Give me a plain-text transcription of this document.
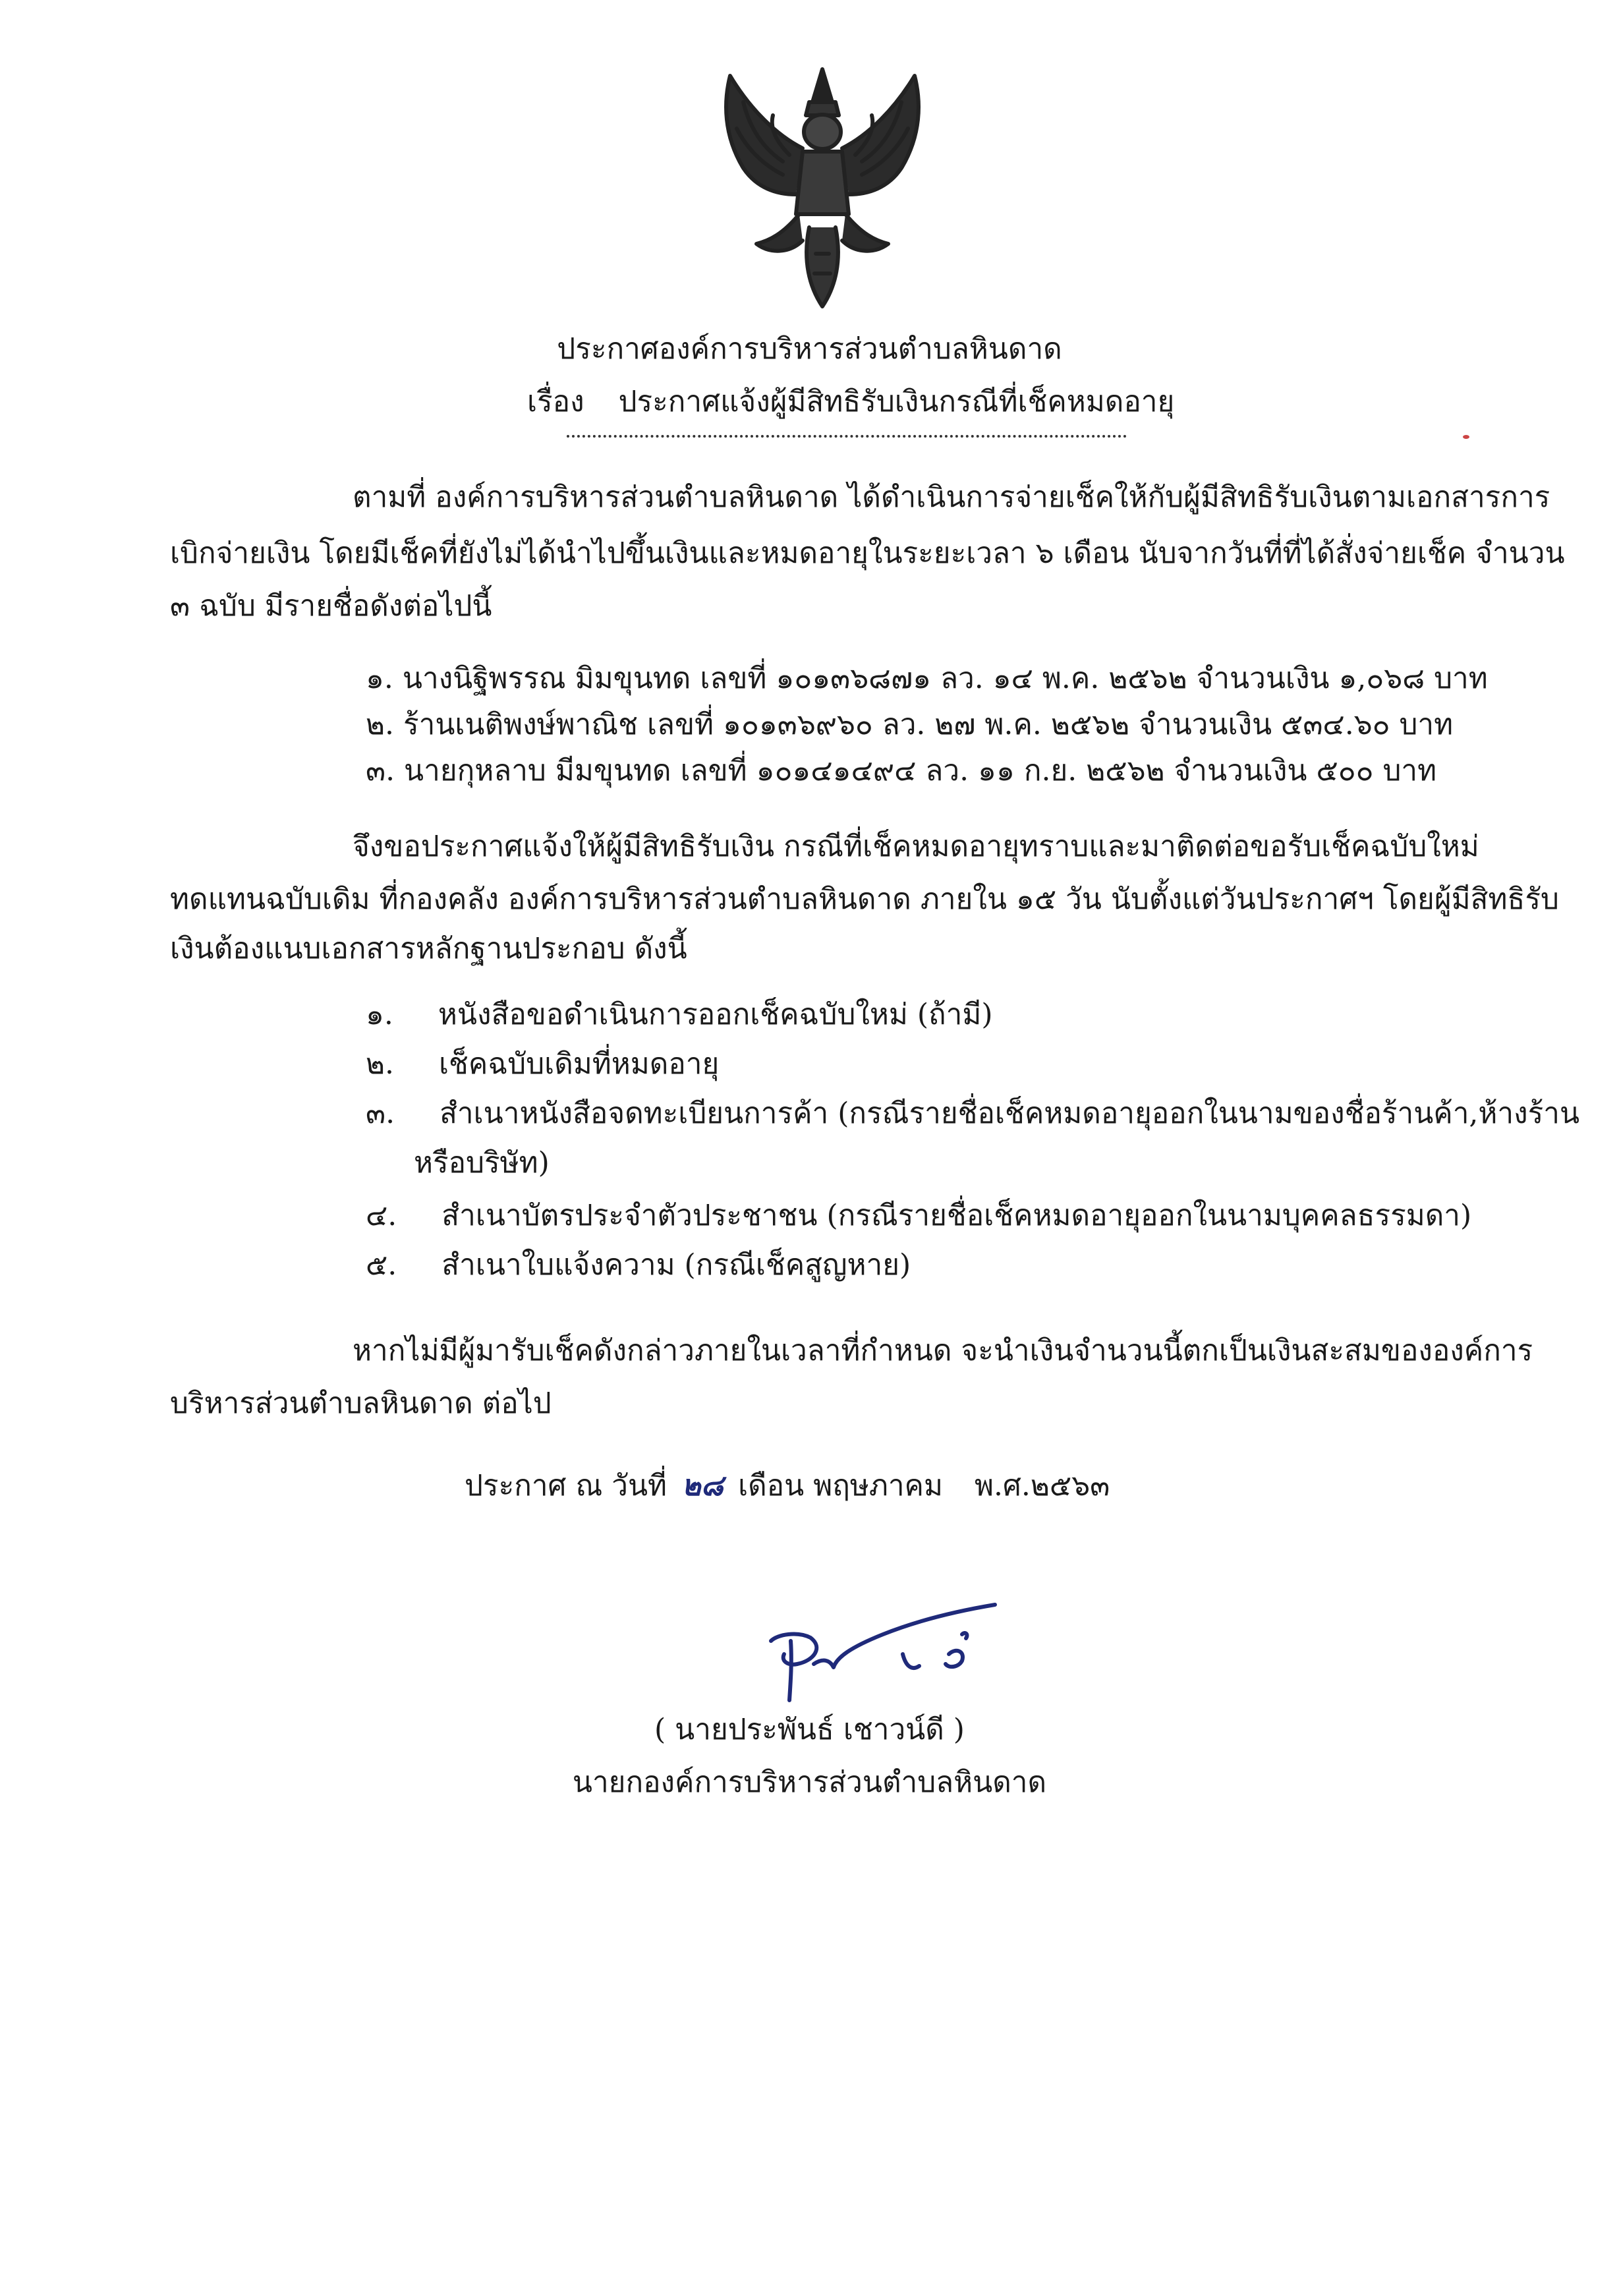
ประกาศองค์การบริหารส่วนตำบลหินดาด
เรื่อง ประกาศแจ้งผู้มีสิทธิรับเงินกรณีที่เช็คหมดอายุ
ตามที่ องค์การบริหารส่วนตำบลหินดาด ได้ดำเนินการจ่ายเช็คให้กับผู้มีสิทธิรับเงินตามเอกสารการ
เบิกจ่ายเงิน โดยมีเช็คที่ยังไม่ได้นำไปขึ้นเงินและหมดอายุในระยะเวลา ๖ เดือน นับจากวันที่ที่ได้สั่งจ่ายเช็ค จำนวน
๓ ฉบับ มีรายชื่อดังต่อไปนี้
๑. นางนิฐิพรรณ มิมขุนทด เลขที่ ๑๐๑๓๖๘๗๑ ลว. ๑๔ พ.ค. ๒๕๖๒ จำนวนเงิน ๑,๐๖๘ บาท
๒. ร้านเนติพงษ์พาณิช เลขที่ ๑๐๑๓๖๙๖๐ ลว. ๒๗ พ.ค. ๒๕๖๒ จำนวนเงิน ๕๓๔.๖๐ บาท
๓. นายกุหลาบ มีมขุนทด เลขที่ ๑๐๑๔๑๔๙๔ ลว. ๑๑ ก.ย. ๒๕๖๒ จำนวนเงิน ๕๐๐ บาท
จึงขอประกาศแจ้งให้ผู้มีสิทธิรับเงิน กรณีที่เช็คหมดอายุทราบและมาติดต่อขอรับเช็คฉบับใหม่
ทดแทนฉบับเดิม ที่กองคลัง องค์การบริหารส่วนตำบลหินดาด ภายใน ๑๕ วัน นับตั้งแต่วันประกาศฯ โดยผู้มีสิทธิรับ
เงินต้องแนบเอกสารหลักฐานประกอบ ดังนี้
๑. หนังสือขอดำเนินการออกเช็คฉบับใหม่ (ถ้ามี)
๒. เช็คฉบับเดิมที่หมดอายุ
๓. สำเนาหนังสือจดทะเบียนการค้า (กรณีรายชื่อเช็คหมดอายุออกในนามของชื่อร้านค้า,ห้างร้าน
หรือบริษัท)
๔. สำเนาบัตรประจำตัวประชาชน (กรณีรายชื่อเช็คหมดอายุออกในนามบุคคลธรรมดา)
๕. สำเนาใบแจ้งความ (กรณีเช็คสูญหาย)
หากไม่มีผู้มารับเช็คดังกล่าวภายในเวลาที่กำหนด จะนำเงินจำนวนนี้ตกเป็นเงินสะสมขององค์การ
บริหารส่วนตำบลหินดาด ต่อไป
ประกาศ ณ วันที่ ๒๘ เดือน พฤษภาคม พ.ศ.๒๕๖๓
( นายประพันธ์ เชาวน์ดี )
นายกองค์การบริหารส่วนตำบลหินดาด
